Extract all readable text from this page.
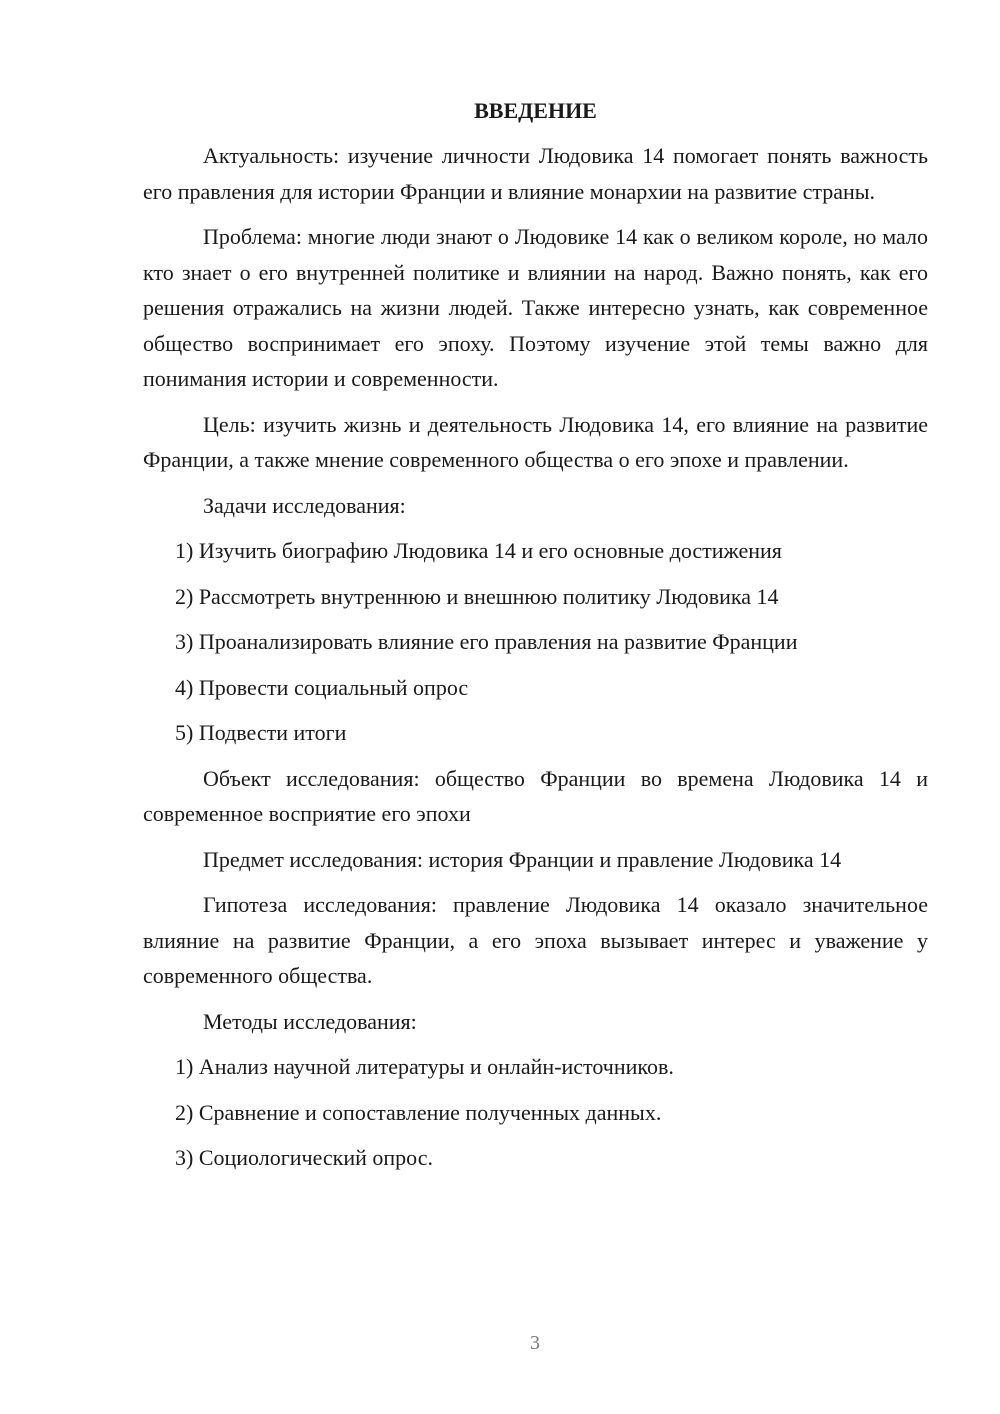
ВВЕДЕНИЕ

Актуальность: изучение личности Людовика 14 помогает понять важность его правления для истории Франции и влияние монархии на развитие страны.

Проблема: многие люди знают о Людовике 14 как о великом короле, но мало кто знает о его внутренней политике и влиянии на народ. Важно понять, как его решения отражались на жизни людей. Также интересно узнать, как современное общество воспринимает его эпоху. Поэтому изучение этой темы важно для понимания истории и современности.

Цель: изучить жизнь и деятельность Людовика 14, его влияние на развитие Франции, а также мнение современного общества о его эпохе и правлении.

Задачи исследования:

1) Изучить биографию Людовика 14 и его основные достижения
2) Рассмотреть внутреннюю и внешнюю политику Людовика 14
3) Проанализировать влияние его правления на развитие Франции
4) Провести социальный опрос
5) Подвести итоги

Объект исследования: общество Франции во времена Людовика 14 и современное восприятие его эпохи

Предмет исследования: история Франции и правление Людовика 14

Гипотеза исследования: правление Людовика 14 оказало значительное влияние на развитие Франции, а его эпоха вызывает интерес и уважение у современного общества.

Методы исследования:

1) Анализ научной литературы и онлайн-источников.
2) Сравнение и сопоставление полученных данных.
3) Социологический опрос.
3
